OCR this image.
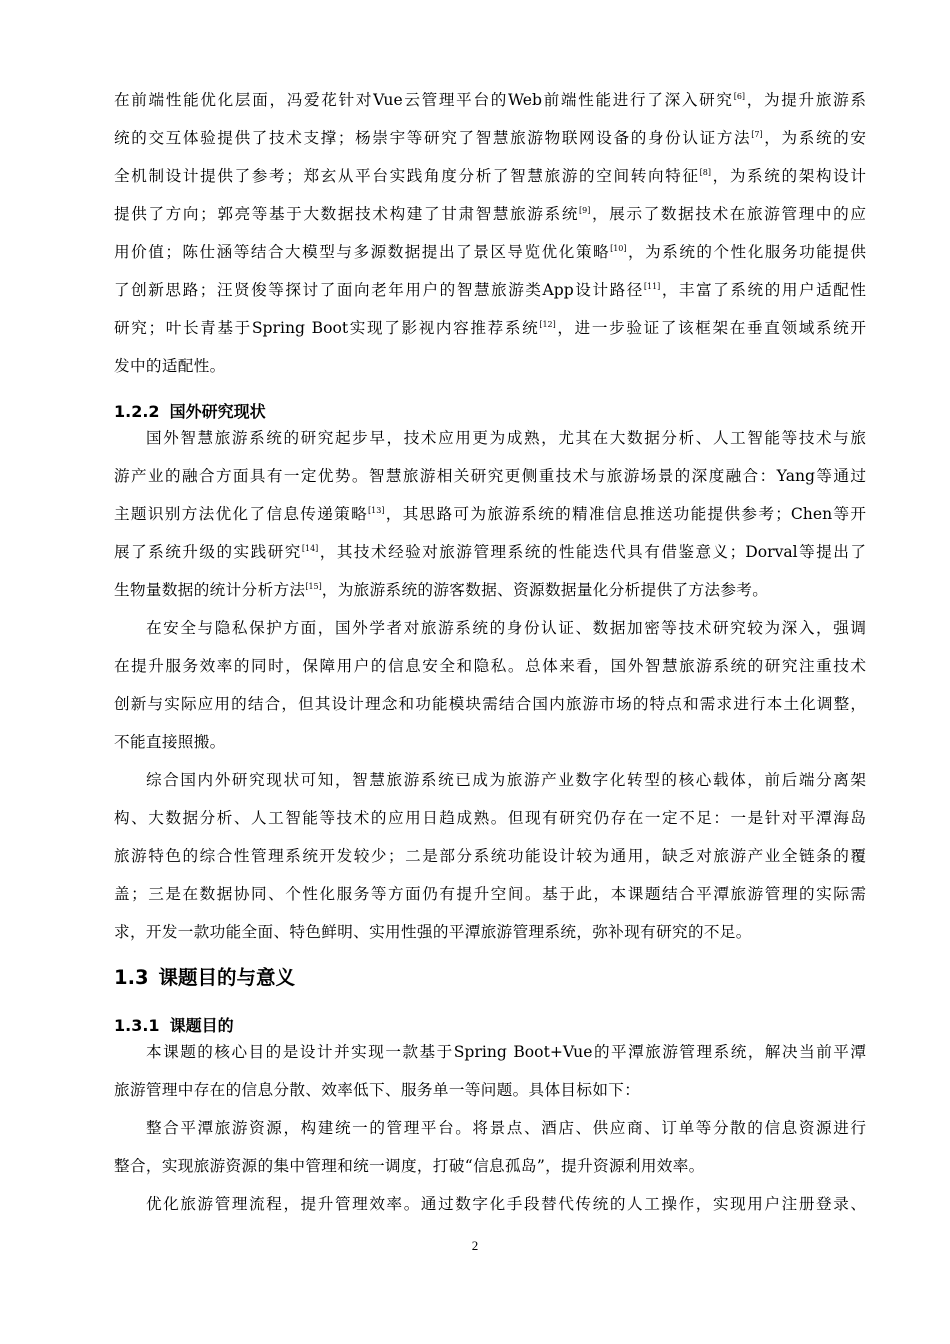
在前端性能优化层面，冯爱花针对Vue云管理平台的Web前端性能进行了深入研究[6]，为提升旅游系
统的交互体验提供了技术支撑；杨崇宇等研究了智慧旅游物联网设备的身份认证方法[7]，为系统的安
全机制设计提供了参考；郑玄从平台实践角度分析了智慧旅游的空间转向特征[8]，为系统的架构设计
提供了方向；郭亮等基于大数据技术构建了甘肃智慧旅游系统[9]，展示了数据技术在旅游管理中的应
用价值；陈仕涵等结合大模型与多源数据提出了景区导览优化策略[10]，为系统的个性化服务功能提供
了创新思路；汪贤俊等探讨了面向老年用户的智慧旅游类App设计路径[11]，丰富了系统的用户适配性
研究；叶长青基于Spring Boot实现了影视内容推荐系统[12]，进一步验证了该框架在垂直领域系统开
发中的适配性。
1.2.2 国外研究现状
国外智慧旅游系统的研究起步早，技术应用更为成熟，尤其在大数据分析、人工智能等技术与旅
游产业的融合方面具有一定优势。智慧旅游相关研究更侧重技术与旅游场景的深度融合：Yang等通过
主题识别方法优化了信息传递策略[13]，其思路可为旅游系统的精准信息推送功能提供参考；Chen等开
展了系统升级的实践研究[14]，其技术经验对旅游管理系统的性能迭代具有借鉴意义；Dorval等提出了
生物量数据的统计分析方法[15]，为旅游系统的游客数据、资源数据量化分析提供了方法参考。
在安全与隐私保护方面，国外学者对旅游系统的身份认证、数据加密等技术研究较为深入，强调
在提升服务效率的同时，保障用户的信息安全和隐私。总体来看，国外智慧旅游系统的研究注重技术
创新与实际应用的结合，但其设计理念和功能模块需结合国内旅游市场的特点和需求进行本土化调整，
不能直接照搬。
综合国内外研究现状可知，智慧旅游系统已成为旅游产业数字化转型的核心载体，前后端分离架
构、大数据分析、人工智能等技术的应用日趋成熟。但现有研究仍存在一定不足：一是针对平潭海岛
旅游特色的综合性管理系统开发较少；二是部分系统功能设计较为通用，缺乏对旅游产业全链条的覆
盖；三是在数据协同、个性化服务等方面仍有提升空间。基于此，本课题结合平潭旅游管理的实际需
求，开发一款功能全面、特色鲜明、实用性强的平潭旅游管理系统，弥补现有研究的不足。
1.3 课题目的与意义
1.3.1 课题目的
本课题的核心目的是设计并实现一款基于Spring Boot+Vue的平潭旅游管理系统，解决当前平潭
旅游管理中存在的信息分散、效率低下、服务单一等问题。具体目标如下：
整合平潭旅游资源，构建统一的管理平台。将景点、酒店、供应商、订单等分散的信息资源进行
整合，实现旅游资源的集中管理和统一调度，打破“信息孤岛”，提升资源利用效率。
优化旅游管理流程，提升管理效率。通过数字化手段替代传统的人工操作，实现用户注册登录、
2
